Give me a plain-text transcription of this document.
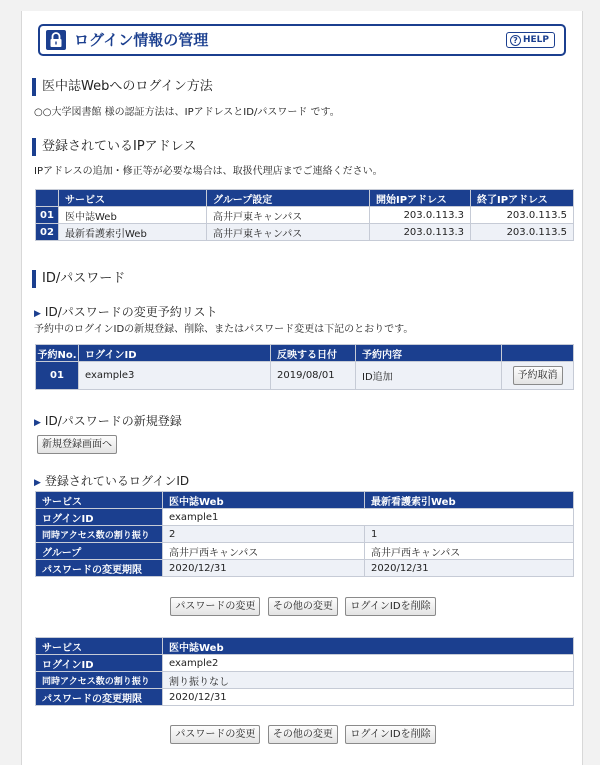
ログイン情報の管理	? HELP
医中誌Webへのログイン方法
○○大学図書館 様の認証方法は、IPアドレスとID/パスワード です。
登録されているIPアドレス
IPアドレスの追加・修正等が必要な場合は、取扱代理店までご連絡ください。
	サービス	グループ設定	開始IPアドレス	終了IPアドレス
01	医中誌Web	高井戸東キャンパス	203.0.113.3	203.0.113.5
02	最新看護索引Web	高井戸東キャンパス	203.0.113.3	203.0.113.5
ID/パスワード
▶ ID/パスワードの変更予約リスト
予約中のログインIDの新規登録、削除、またはパスワード変更は下記のとおりです。
予約No.	ログインID	反映する日付	予約内容	
01	example3	2019/08/01	ID追加	予約取消
▶ ID/パスワードの新規登録
新規登録画面へ
▶ 登録されているログインID
サービス	医中誌Web	最新看護索引Web
ログインID	example1	
同時アクセス数の割り振り	2	1
グループ	高井戸西キャンパス	高井戸西キャンパス
パスワードの変更期限	2020/12/31	2020/12/31
パスワードの変更 その他の変更 ログインIDを削除
サービス	医中誌Web
ログインID	example2
同時アクセス数の割り振り	割り振りなし
パスワードの変更期限	2020/12/31
パスワードの変更 その他の変更 ログインIDを削除
